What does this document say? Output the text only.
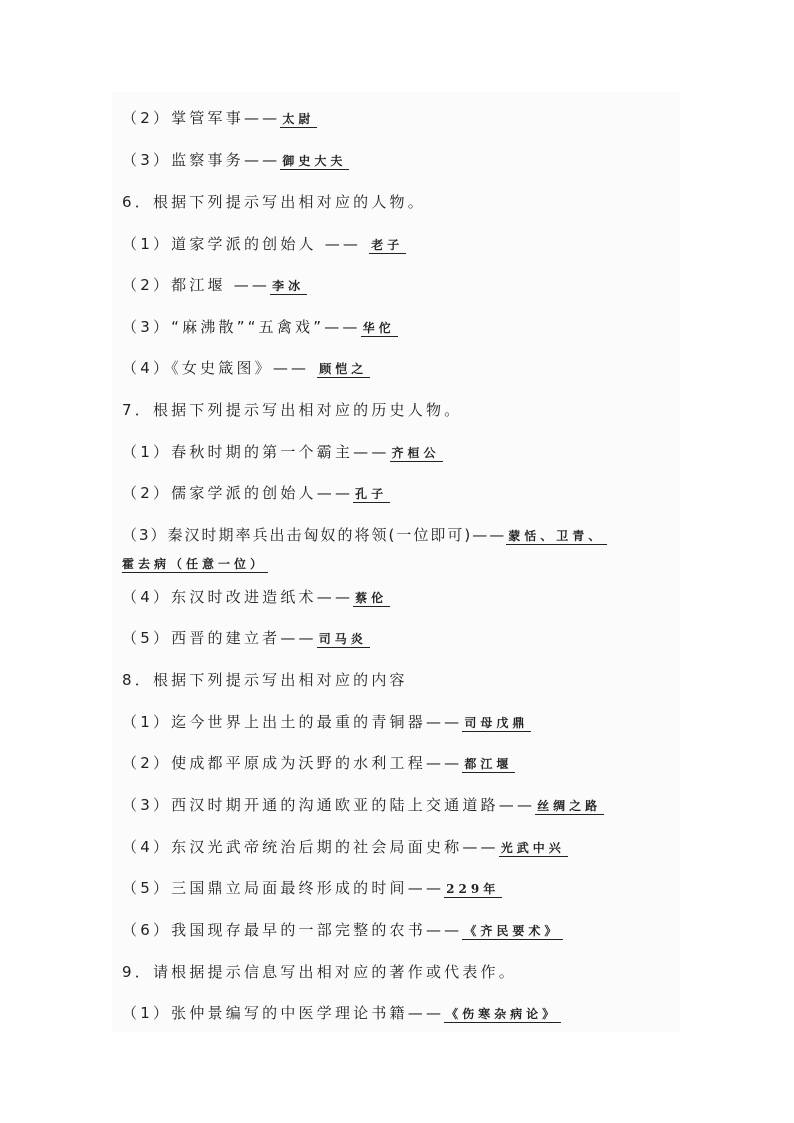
（2）掌管军事—— 太尉
（3）监察事务—— 御史大夫
6．根据下列提示写出相对应的人物。
（1）道家学派的创始人 —— 老子
（2）都江堰 —— 李冰
（3）“麻沸散”“五禽戏”—— 华佗
（4）《女史箴图》—— 顾恺之
7．根据下列提示写出相对应的历史人物。
（1）春秋时期的第一个霸主—— 齐桓公
（2）儒家学派的创始人—— 孔子
（3）秦汉时期率兵出击匈奴的将领(一位即可)—— 蒙恬、卫青、
霍去病（任意一位）
（4）东汉时改进造纸术—— 蔡伦
（5）西晋的建立者—— 司马炎
8．根据下列提示写出相对应的内容
（1）迄今世界上出土的最重的青铜器—— 司母戊鼎
（2）使成都平原成为沃野的水利工程—— 都江堰
（3）西汉时期开通的沟通欧亚的陆上交通道路—— 丝绸之路
（4）东汉光武帝统治后期的社会局面史称—— 光武中兴
（5）三国鼎立局面最终形成的时间—— 229年
（6）我国现存最早的一部完整的农书—— 《齐民要术》
9．请根据提示信息写出相对应的著作或代表作。
（1）张仲景编写的中医学理论书籍—— 《伤寒杂病论》
